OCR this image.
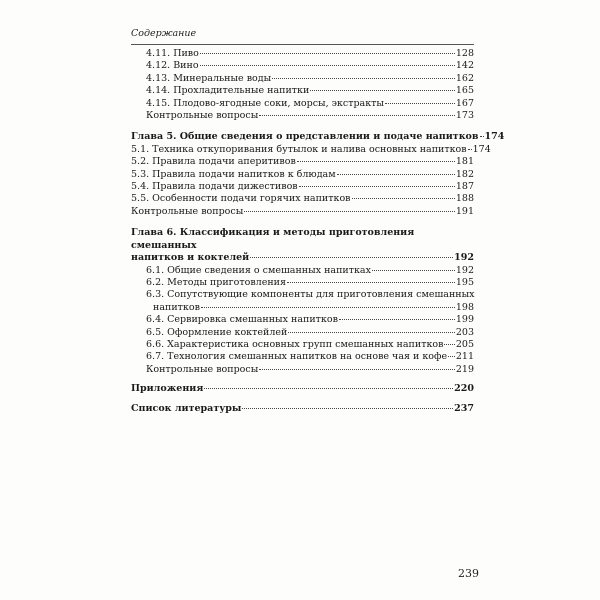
Содержание
4.11. Пиво	128
4.12. Вино	142
4.13. Минеральные воды	162
4.14. Прохладительные напитки	165
4.15. Плодово-ягодные соки, морсы, экстракты	167
Контрольные вопросы	173
Глава 5. Общие сведения о представлении и подаче напитков 174
5.1. Техника откупоривания бутылок и налива основных напитков 174
5.2. Правила подачи аперитивов	181
5.3. Правила подачи напитков к блюдам	182
5.4. Правила подачи дижестивов	187
5.5. Особенности подачи горячих напитков	188
Контрольные вопросы	191
Глава 6. Классификация и методы приготовления смешанных
напитков и коктелей	192
6.1. Общие сведения о смешанных напитках	192
6.2. Методы приготовления	195
6.3. Сопутствующие компоненты для приготовления смешанных
напитков	198
6.4. Сервировка смешанных напитков	199
6.5. Оформление коктейлей	203
6.6. Характеристика основных групп смешанных напитков 205
6.7. Технология смешанных напитков на основе чая и кофе 211
Контрольные вопросы	219
Приложения	220
Список литературы	237
239
